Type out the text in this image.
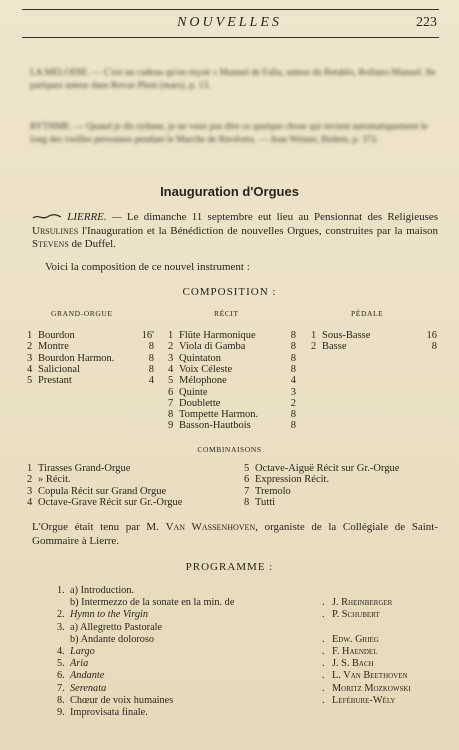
NOUVELLES	223
LA MELODIE. — C'est un cadeau qu'on reçoit « Manuel de Falla, auteur du Retablo, Rollano-Manuel. Ile parlquez auteur dans Revue Pleni (mars), p. 13.
RYTHME. — Quand je dis rythme, je ne veux pas dire ce quelque chose qui revient automatiquement le long des vieilles personnes pendant le Marche de Riroforta. — Jean Weiner, Ibidem, p. 372.
Inauguration d'Orgues
LIERRE. — Le dimanche 11 septembre eut lieu au Pensionnat des Religieuses Ursulines l'Inauguration et la Bénédiction de nouvelles Orgues, construites par la maison Stevens de Duffel.
Voici la composition de ce nouvel instrument :
COMPOSITION :
GRAND-ORGUE	RÉCIT	PÉDALE
1 Bourdon	16'
2 Montre	8
3 Bourdon Harmon.	8
4 Salicional	8
5 Prestant	4
1 Flûte Harmonique	8
2 Viola di Gamba	8
3 Quintaton	8
4 Voix Céleste	8
5 Mélophone	4
6 Quinte	3
7 Doublette	2
8 Tompette Harmon.	8
9 Basson-Hautbois	8
1 Sous-Basse	16
2 Basse	8
COMBINAISONS
1 Tirasses Grand-Orgue
2 » Récit.
3 Copula Récit sur Grand Orgue
4 Octave-Grave Récit sur Gr.-Orgue
5 Octave-Aiguë Récit sur Gr.-Orgue
6 Expression Récit.
7 Tremolo
8 Tutti
L'Orgue était tenu par M. Van Wassenhoven, organiste de la Collégiale de Saint-Gommaire à Lierre.
PROGRAMME :
1. a) Introduction.
b) Intermezzo de la sonate en la min. de	. J. Rheinberger
2. Hymn to the Virgin	. P. Schubert
3. a) Allegretto Pastorale
b) Andante doloroso	. Edw. Grieg
4. Largo	. F. Haendel
5. Aria	. J. S. Bach
6. Andante	. L. Van Beethoven
7. Serenata	. Moritz Mozkowski
8. Chœur de voix humaines	. Lefébure-Wély
9. Improvisata finale.
